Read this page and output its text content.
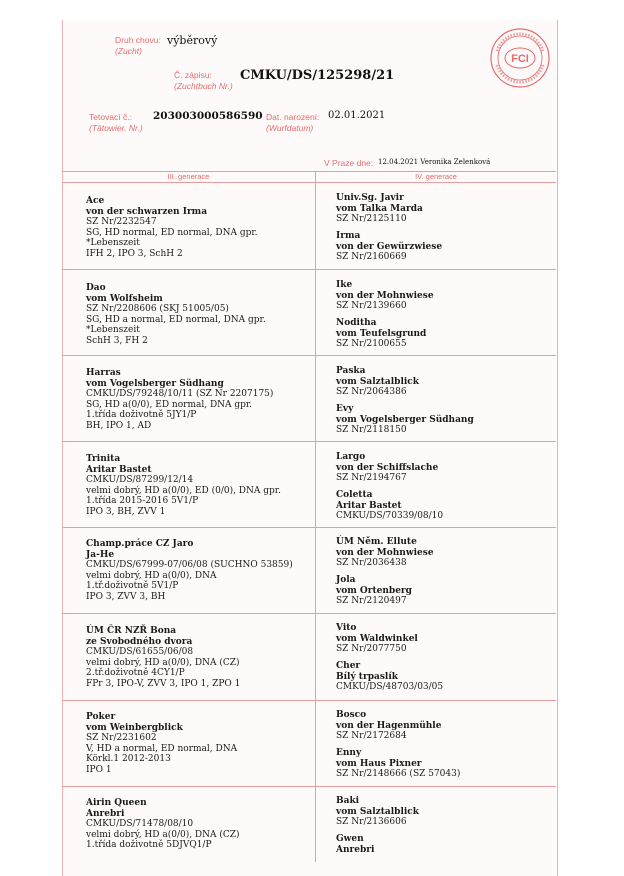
Druh chovu:
(Zucht)
výběrový
Č. zápisu:
(Zuchtbuch Nr.)
CMKU/DS/125298/21
Tetovací č.:
(Tätowier. Nr.)
203003000586590 Dat. narození:
(Wurfdatum)
02.01.2021
V Praze dne: 12.04.2021 Veronika Zelenková
FCI
III. generace	IV. generace
Ace
von der schwarzen Irma
SZ Nr/2232547
SG, HD normal, ED normal, DNA gpr.
*Lebenszeit
IFH 2, IPO 3, SchH 2
Univ.Sg. Javir
vom Talka Marda
SZ Nr/2125110
Irma
von der Gewürzwiese
SZ Nr/2160669
Dao
vom Wolfsheim
SZ Nr/2208606 (SKJ 51005/05)
SG, HD a normal, ED normal, DNA gpr.
*Lebenszeit
SchH 3, FH 2
Ike
von der Mohnwiese
SZ Nr/2139660
Noditha
vom Teufelsgrund
SZ Nr/2100655
Harras
vom Vogelsberger Südhang
CMKU/DS/79248/10/11 (SZ Nr 2207175)
SG, HD a(0/0), ED normal, DNA gpr.
1.třída doživotně 5JY1/P
BH, IPO 1, AD
Paska
vom Salztalblick
SZ Nr/2064386
Evy
vom Vogelsberger Südhang
SZ Nr/2118150
Trinita
Aritar Bastet
CMKU/DS/87299/12/14
velmi dobrý, HD a(0/0), ED (0/0), DNA gpr.
1.třída 2015-2016 5V1/P
IPO 3, BH, ZVV 1
Largo
von der Schiffslache
SZ Nr/2194767
Coletta
Aritar Bastet
CMKU/DS/70339/08/10
Champ.práce CZ Jaro
Ja-He
CMKU/DS/67999-07/06/08 (SUCHNO 53859)
velmi dobrý, HD a(0/0), DNA
1.tř.doživotně 5V1/P
IPO 3, ZVV 3, BH
ÚM Něm. Ellute
von der Mohnwiese
SZ Nr/2036438
Jola
vom Ortenberg
SZ Nr/2120497
ÚM ČR NZŘ Bona
ze Svobodného dvora
CMKU/DS/61655/06/08
velmi dobrý, HD a(0/0), DNA (CZ)
2.tř.doživotně 4CY1/P
FPr 3, IPO-V, ZVV 3, IPO 1, ZPO 1
Vito
vom Waldwinkel
SZ Nr/2077750
Cher
Bílý trpaslík
CMKU/DS/48703/03/05
Poker
vom Weinbergblick
SZ Nr/2231602
V, HD a normal, ED normal, DNA
Körkl.1 2012-2013
IPO 1
Bosco
von der Hagenmühle
SZ Nr/2172684
Enny
vom Haus Pixner
SZ Nr/2148666 (SZ 57043)
Airin Queen
Anrebri
CMKU/DS/71478/08/10
velmi dobrý, HD a(0/0), DNA (CZ)
1.třída doživotně 5DJVQ1/P
Baki
vom Salztalblick
SZ Nr/2136606
Gwen
Anrebri
